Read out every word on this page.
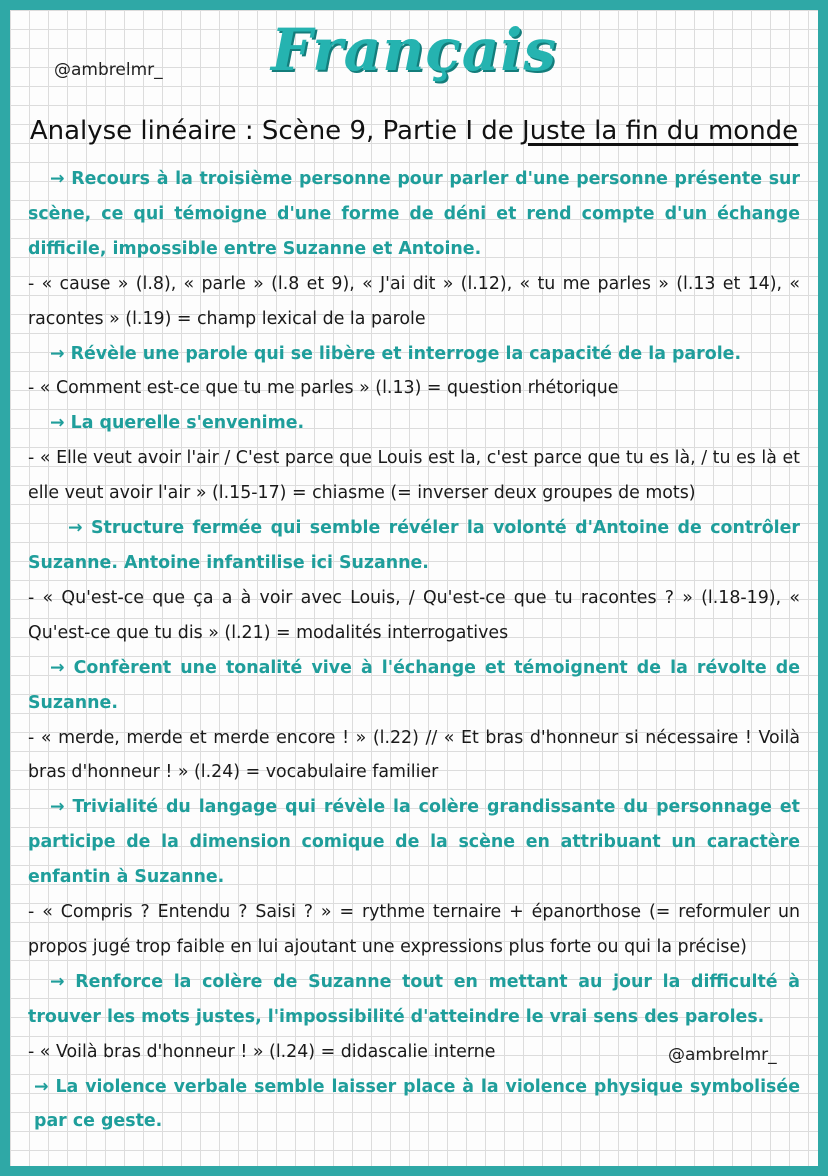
@ambrelmr_	Français
Analyse linéaire : Scène 9, Partie I de Juste la fin du monde

→ Recours à la troisième personne pour parler d'une personne présente sur scène, ce qui témoigne d'une forme de déni et rend compte d'un échange difficile, impossible entre Suzanne et Antoine.

- « cause » (l.8), « parle » (l.8 et 9), « J'ai dit » (l.12), « tu me parles » (l.13 et 14), « racontes » (l.19) = champ lexical de la parole

→ Révèle une parole qui se libère et interroge la capacité de la parole.

- « Comment est-ce que tu me parles » (l.13) = question rhétorique

→ La querelle s'envenime.

- « Elle veut avoir l'air / C'est parce que Louis est la, c'est parce que tu es là, / tu es là et elle veut avoir l'air » (l.15-17) = chiasme (= inverser deux groupes de mots)

→ Structure fermée qui semble révéler la volonté d'Antoine de contrôler Suzanne. Antoine infantilise ici Suzanne.

- « Qu'est-ce que ça a à voir avec Louis, / Qu'est-ce que tu racontes ? » (l.18-19), « Qu'est-ce que tu dis » (l.21) = modalités interrogatives

→ Confèrent une tonalité vive à l'échange et témoignent de la révolte de Suzanne.

- « merde, merde et merde encore ! » (l.22) // « Et bras d'honneur si nécessaire ! Voilà bras d'honneur ! » (l.24) = vocabulaire familier

→ Trivialité du langage qui révèle la colère grandissante du personnage et participe de la dimension comique de la scène en attribuant un caractère enfantin à Suzanne.

- « Compris ? Entendu ? Saisi ? » = rythme ternaire + épanorthose (= reformuler un propos jugé trop faible en lui ajoutant une expressions plus forte ou qui la précise)

→ Renforce la colère de Suzanne tout en mettant au jour la difficulté à trouver les mots justes, l'impossibilité d'atteindre le vrai sens des paroles.

- « Voilà bras d'honneur ! » (l.24) = didascalie interne

→ La violence verbale semble laisser place à la violence physique symbolisée par ce geste.

@ambrelmr_
